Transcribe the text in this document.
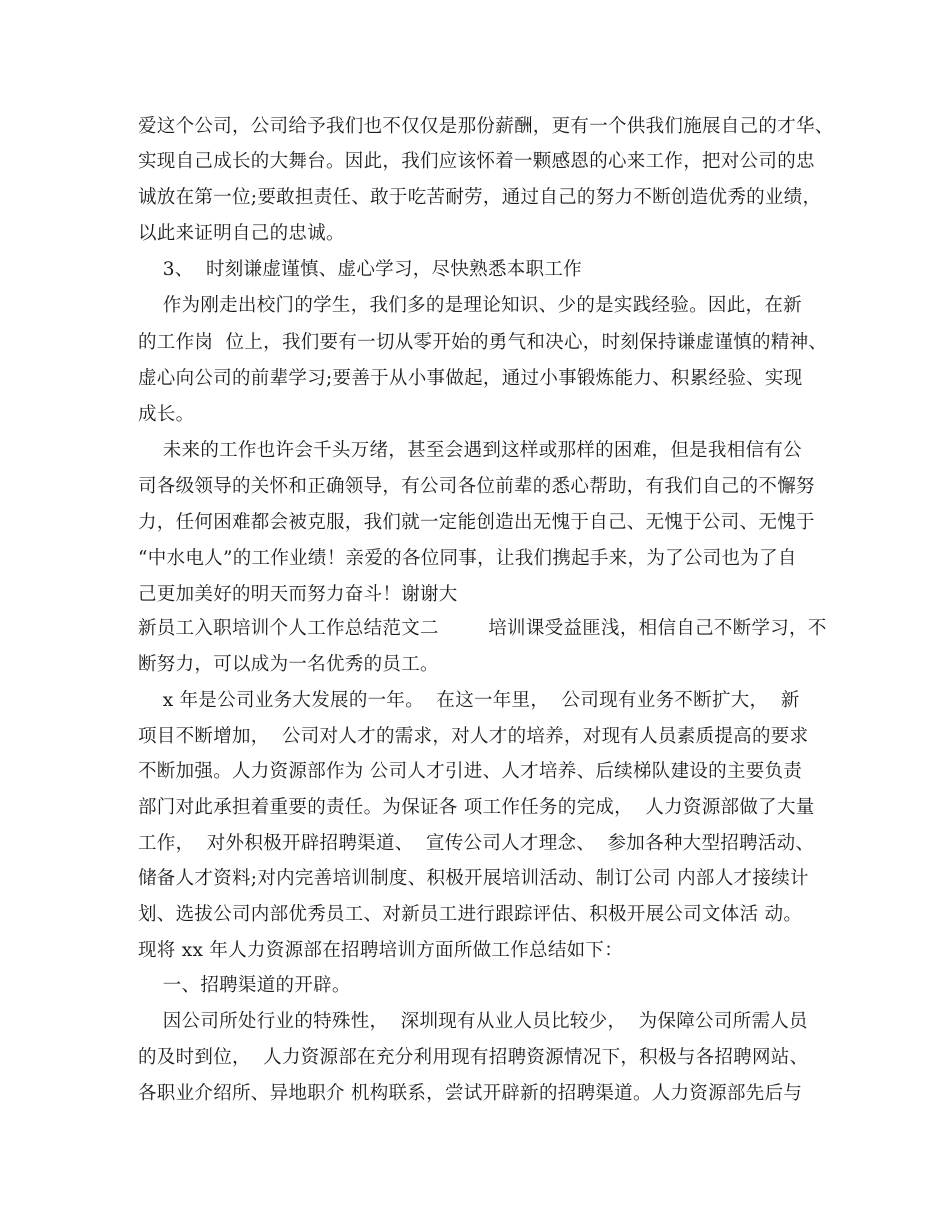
爱这个公司，公司给予我们也不仅仅是那份薪酬，更有一个供我们施展自己的才华、
实现自己成长的大舞台。因此，我们应该怀着一颗感恩的心来工作，把对公司的忠
诚放在第一位;要敢担责任、敢于吃苦耐劳，通过自己的努力不断创造优秀的业绩，
以此来证明自己的忠诚。
3、  时刻谦虚谨慎、虚心学习，尽快熟悉本职工作
作为刚走出校门的学生，我们多的是理论知识、少的是实践经验。因此，在新
的工作岗  位上，我们要有一切从零开始的勇气和决心，时刻保持谦虚谨慎的精神、
虚心向公司的前辈学习;要善于从小事做起，通过小事锻炼能力、积累经验、实现
成长。
未来的工作也许会千头万绪，甚至会遇到这样或那样的困难，但是我相信有公
司各级领导的关怀和正确领导，有公司各位前辈的悉心帮助，有我们自己的不懈努
力，任何困难都会被克服，我们就一定能创造出无愧于自己、无愧于公司、无愧于
“中水电人”的工作业绩！亲爱的各位同事，让我们携起手来，为了公司也为了自
己更加美好的明天而努力奋斗！谢谢大
新员工入职培训个人工作总结范文二        培训课受益匪浅，相信自己不断学习，不
断努力，可以成为一名优秀的员工。
x 年是公司业务大发展的一年。  在这一年里，  公司现有业务不断扩大，  新
项目不断增加，  公司对人才的需求，对人才的培养，对现有人员素质提高的要求
不断加强。人力资源部作为 公司人才引进、人才培养、后续梯队建设的主要负责
部门对此承担着重要的责任。为保证各 项工作任务的完成，  人力资源部做了大量
工作，  对外积极开辟招聘渠道、  宣传公司人才理念、  参加各种大型招聘活动、
储备人才资料;对内完善培训制度、积极开展培训活动、制订公司 内部人才接续计
划、选拔公司内部优秀员工、对新员工进行跟踪评估、积极开展公司文体活 动。
现将 xx 年人力资源部在招聘培训方面所做工作总结如下：
一、招聘渠道的开辟。
因公司所处行业的特殊性，  深圳现有从业人员比较少，  为保障公司所需人员
的及时到位，  人力资源部在充分利用现有招聘资源情况下，积极与各招聘网站、
各职业介绍所、异地职介 机构联系，尝试开辟新的招聘渠道。人力资源部先后与
